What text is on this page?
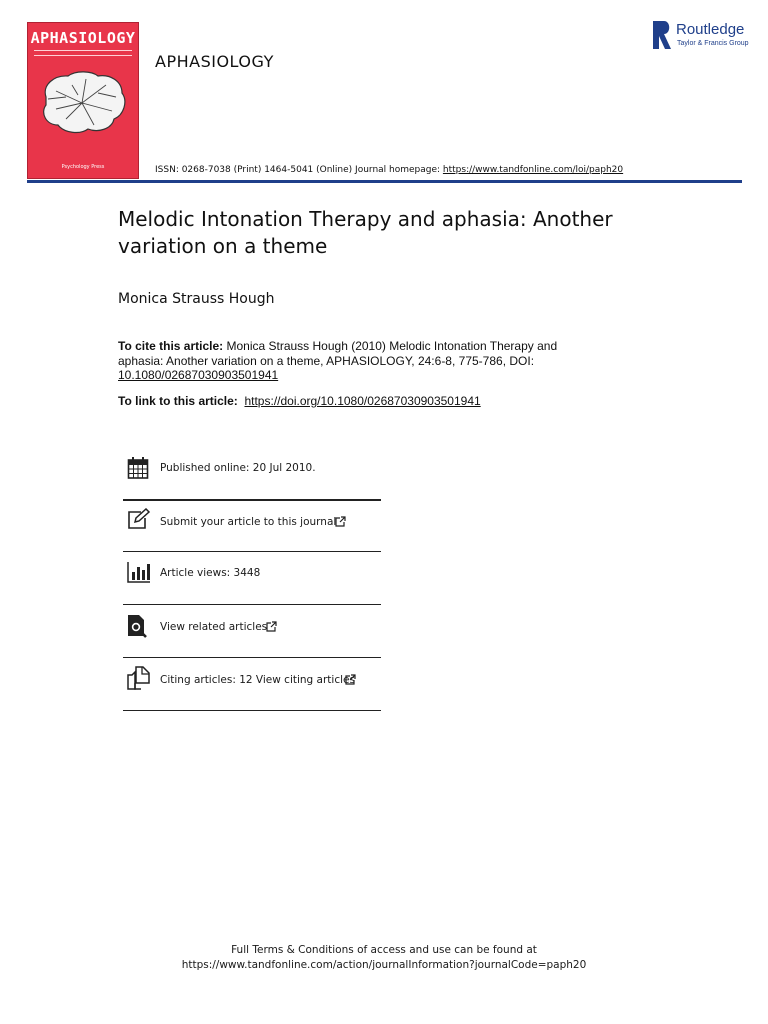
APHASIOLOGY
Psychology Press
APHASIOLOGY
Routledge
Taylor & Francis Group
ISSN: 0268-7038 (Print) 1464-5041 (Online) Journal homepage: https://www.tandfonline.com/loi/paph20
Melodic Intonation Therapy and aphasia: Another variation on a theme
Monica Strauss Hough
To cite this article: Monica Strauss Hough (2010) Melodic Intonation Therapy and aphasia: Another variation on a theme, APHASIOLOGY, 24:6-8, 775-786, DOI:
10.1080/02687030903501941
To link to this article: https://doi.org/10.1080/02687030903501941
Published online: 20 Jul 2010.
Submit your article to this journal
Article views: 3448
View related articles
Citing articles: 12 View citing articles
Full Terms & Conditions of access and use can be found at
https://www.tandfonline.com/action/journalInformation?journalCode=paph20
